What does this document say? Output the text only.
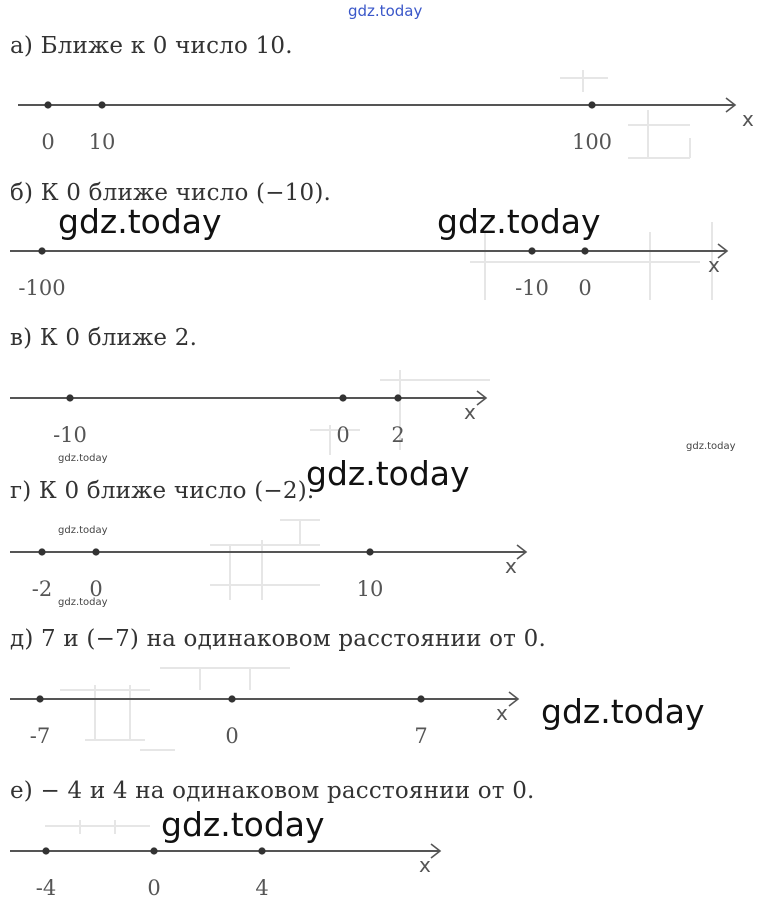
gdz.today
а) Ближе к 0 число 10.
б) К 0 ближе число (−10).
в) К 0 ближе 2.
г) К 0 ближе число (−2).
д) 7 и (−7) на одинаковом расстоянии от 0.
е) − 4 и 4 на одинаковом расстоянии от 0.
x
0 10	100
x
-100	-10 0
x
-10	0 2
x
-2 0	10
x
-7	0	7
x
-4	0	4
gdz.today	gdz.today
gdz.today
gdz.today
gdz.today
gdz.today
gdz.today
gdz.today
gdz.today
